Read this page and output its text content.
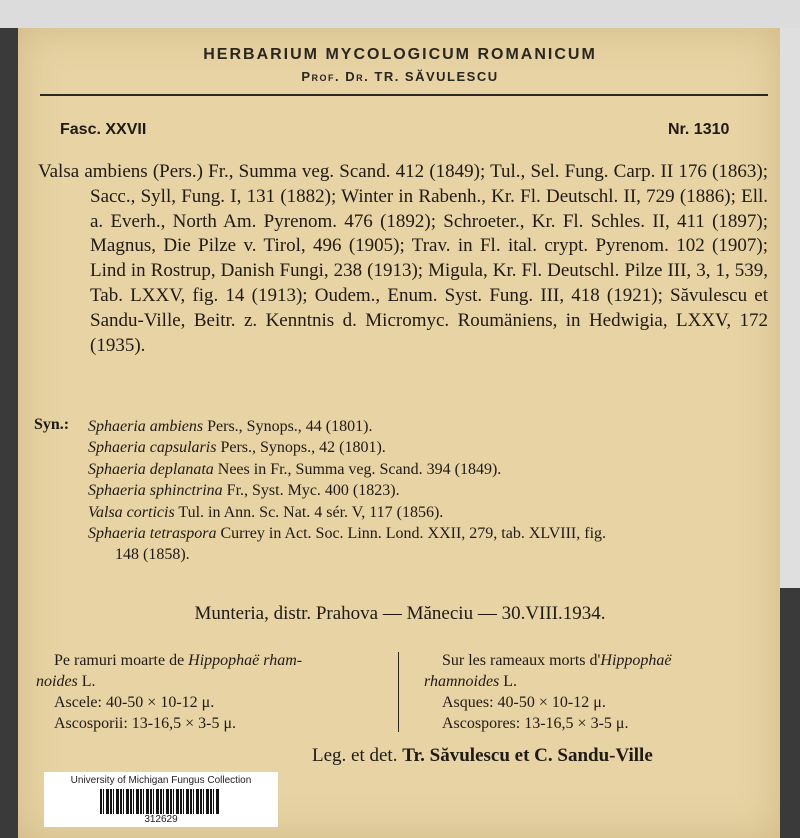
HERBARIUM MYCOLOGICUM ROMANICUM
Prof. Dr. TR. SĂVULESCU
Fasc. XXVII	Nr. 1310

Valsa ambiens (Pers.) Fr., Summa veg. Scand. 412 (1849); Tul., Sel. Fung. Carp. II 176 (1863); Sacc., Syll, Fung. I, 131 (1882); Winter in Rabenh., Kr. Fl. Deutschl. II, 729 (1886); Ell. a. Everh., North Am. Pyrenom. 476 (1892); Schroeter., Kr. Fl. Schles. II, 411 (1897); Magnus, Die Pilze v. Tirol, 496 (1905); Trav. in Fl. ital. crypt. Pyrenom. 102 (1907); Lind in Rostrup, Danish Fungi, 238 (1913); Migula, Kr. Fl. Deutschl. Pilze III, 3, 1, 539, Tab. LXXV, fig. 14 (1913); Oudem., Enum. Syst. Fung. III, 418 (1921); Săvulescu et Sandu-Ville, Beitr. z. Kenntnis d. Micromyc. Roumäniens, in Hedwigia, LXXV, 172 (1935).

Syn.: Sphaeria ambiens Pers., Synops., 44 (1801).
Sphaeria capsularis Pers., Synops., 42 (1801).
Sphaeria deplanata Nees in Fr., Summa veg. Scand. 394 (1849).
Sphaeria sphinctrina Fr., Syst. Myc. 400 (1823).
Valsa corticis Tul. in Ann. Sc. Nat. 4 sér. V, 117 (1856).
Sphaeria tetraspora Currey in Act. Soc. Linn. Lond. XXII, 279, tab. XLVIII, fig.
148 (1858).
Munteria, distr. Prahova — Măneciu — 30.VIII.1934.
Pe ramuri moarte de Hippophaë rham-
noides L.
Ascele: 40-50 × 10-12 μ.
Ascosporii: 13-16,5 × 3-5 μ.
Sur les rameaux morts d'Hippophaë
rhamnoides L.
Asques: 40-50 × 10-12 μ.
Ascospores: 13-16,5 × 3-5 μ.
Leg. et det. Tr. Săvulescu et C. Sandu-Ville
University of Michigan Fungus Collection
312629
